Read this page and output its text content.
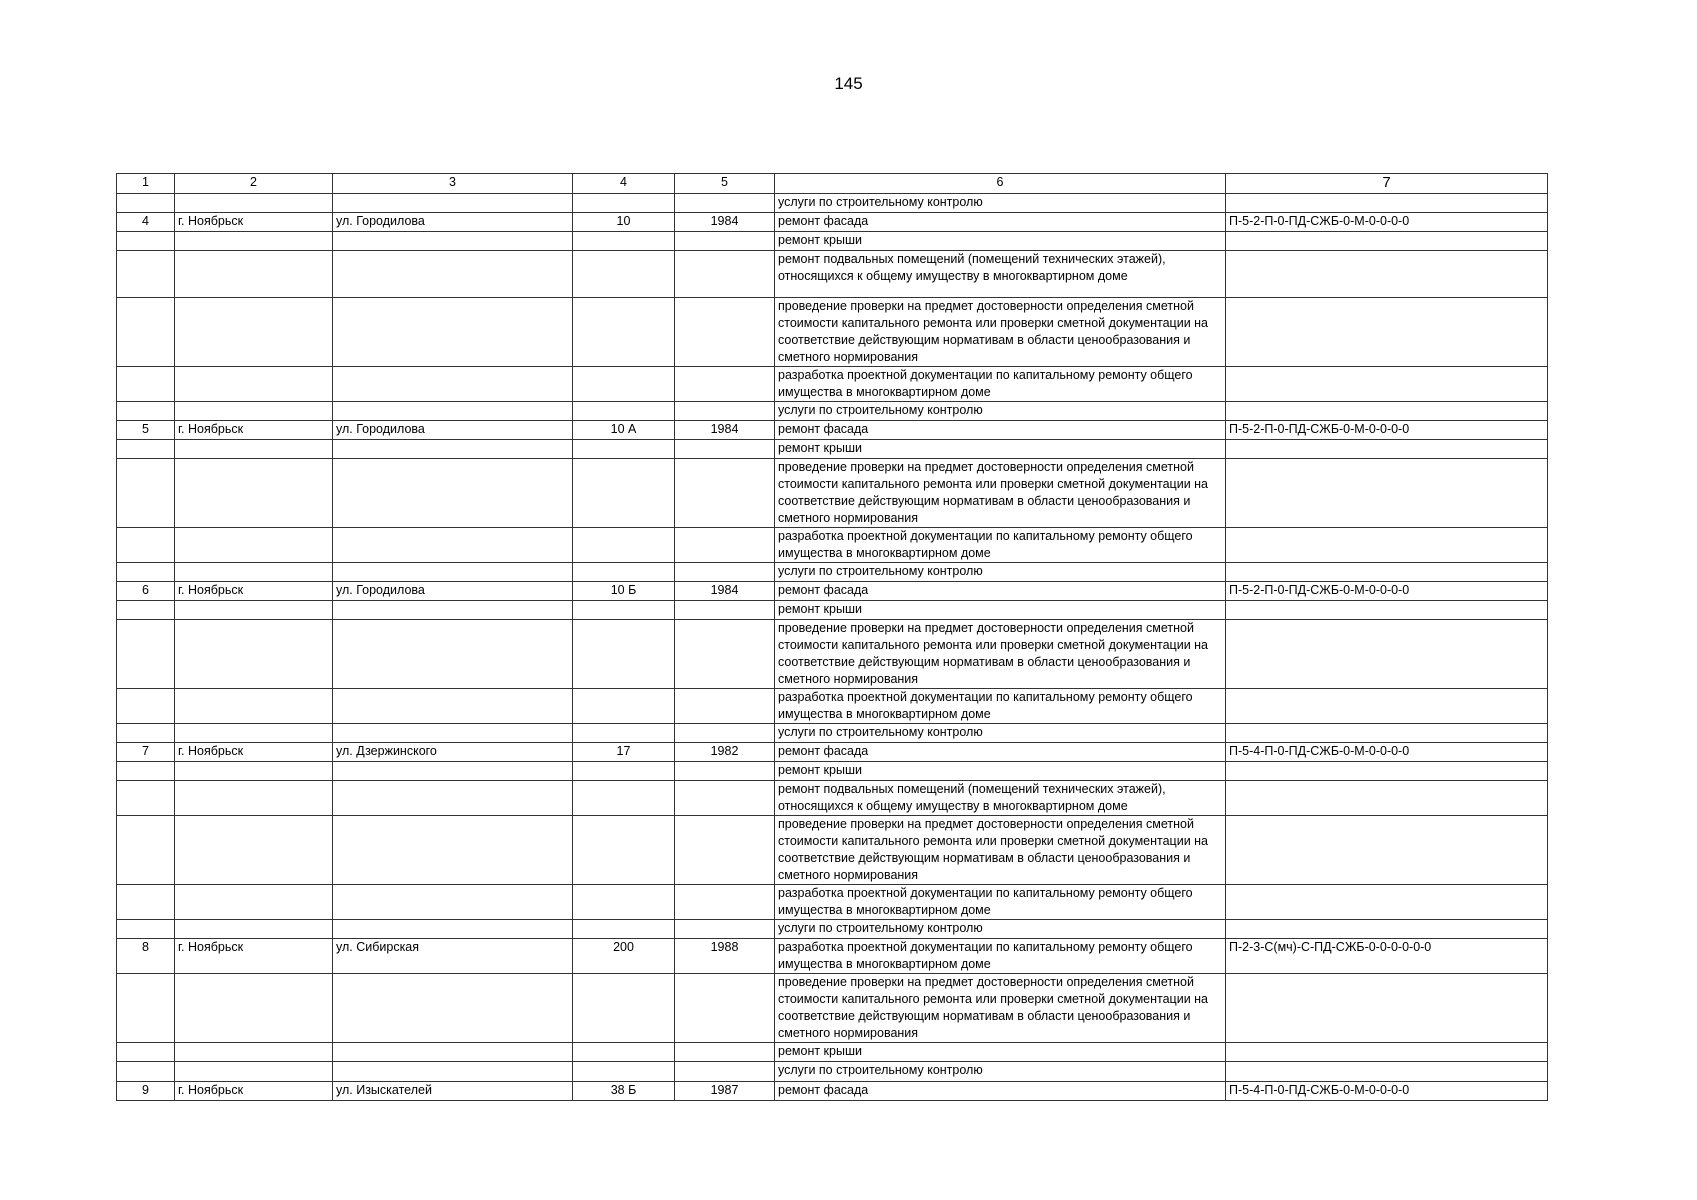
145
1	2	3	4	5	6	7
					услуги по строительному контролю	
4	г. Ноябрьск	ул. Городилова	10	1984	ремонт фасада	П-5-2-П-0-ПД-СЖБ-0-М-0-0-0-0
					ремонт крыши	
					ремонт подвальных помещений (помещений технических этажей), относящихся к общему имуществу в многоквартирном доме	
					проведение проверки на предмет достоверности определения сметной стоимости капитального ремонта или проверки сметной документации на соответствие действующим нормативам в области ценообразования и сметного нормирования	
					разработка проектной документации по капитальному ремонту общего имущества в многоквартирном доме	
					услуги по строительному контролю	
5	г. Ноябрьск	ул. Городилова	10 А	1984	ремонт фасада	П-5-2-П-0-ПД-СЖБ-0-М-0-0-0-0
					ремонт крыши	
					проведение проверки на предмет достоверности определения сметной стоимости капитального ремонта или проверки сметной документации на соответствие действующим нормативам в области ценообразования и сметного нормирования	
					разработка проектной документации по капитальному ремонту общего имущества в многоквартирном доме	
					услуги по строительному контролю	
6	г. Ноябрьск	ул. Городилова	10 Б	1984	ремонт фасада	П-5-2-П-0-ПД-СЖБ-0-М-0-0-0-0
					ремонт крыши	
					проведение проверки на предмет достоверности определения сметной стоимости капитального ремонта или проверки сметной документации на соответствие действующим нормативам в области ценообразования и сметного нормирования	
					разработка проектной документации по капитальному ремонту общего имущества в многоквартирном доме	
					услуги по строительному контролю	
7	г. Ноябрьск	ул. Дзержинского	17	1982	ремонт фасада	П-5-4-П-0-ПД-СЖБ-0-М-0-0-0-0
					ремонт крыши	
					ремонт подвальных помещений (помещений технических этажей), относящихся к общему имуществу в многоквартирном доме	
					проведение проверки на предмет достоверности определения сметной стоимости капитального ремонта или проверки сметной документации на соответствие действующим нормативам в области ценообразования и сметного нормирования	
					разработка проектной документации по капитальному ремонту общего имущества в многоквартирном доме	
					услуги по строительному контролю	
8	г. Ноябрьск	ул. Сибирская	200	1988	разработка проектной документации по капитальному ремонту общего имущества в многоквартирном доме	П-2-3-С(мч)-С-ПД-СЖБ-0-0-0-0-0-0
					проведение проверки на предмет достоверности определения сметной стоимости капитального ремонта или проверки сметной документации на соответствие действующим нормативам в области ценообразования и сметного нормирования	
					ремонт крыши	
					услуги по строительному контролю	
9	г. Ноябрьск	ул. Изыскателей	38 Б	1987	ремонт фасада	П-5-4-П-0-ПД-СЖБ-0-М-0-0-0-0
